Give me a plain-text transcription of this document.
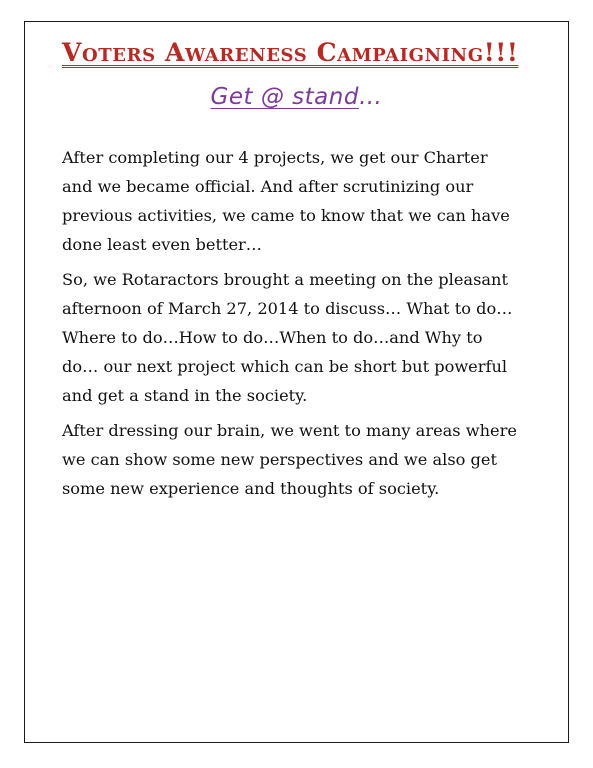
Voters Awareness Campaigning!!!
Get @ stand…

After completing our 4 projects, we get our Charter and we became official. And after scrutinizing our previous activities, we came to know that we can have done least even better…

So, we Rotaractors brought a meeting on the pleasant afternoon of March 27, 2014 to discuss… What to do…Where to do…How to do…When to do…and Why to do… our next project which can be short but powerful and get a stand in the society.

After dressing our brain, we went to many areas where we can show some new perspectives and we also get some new experience and thoughts of society.
